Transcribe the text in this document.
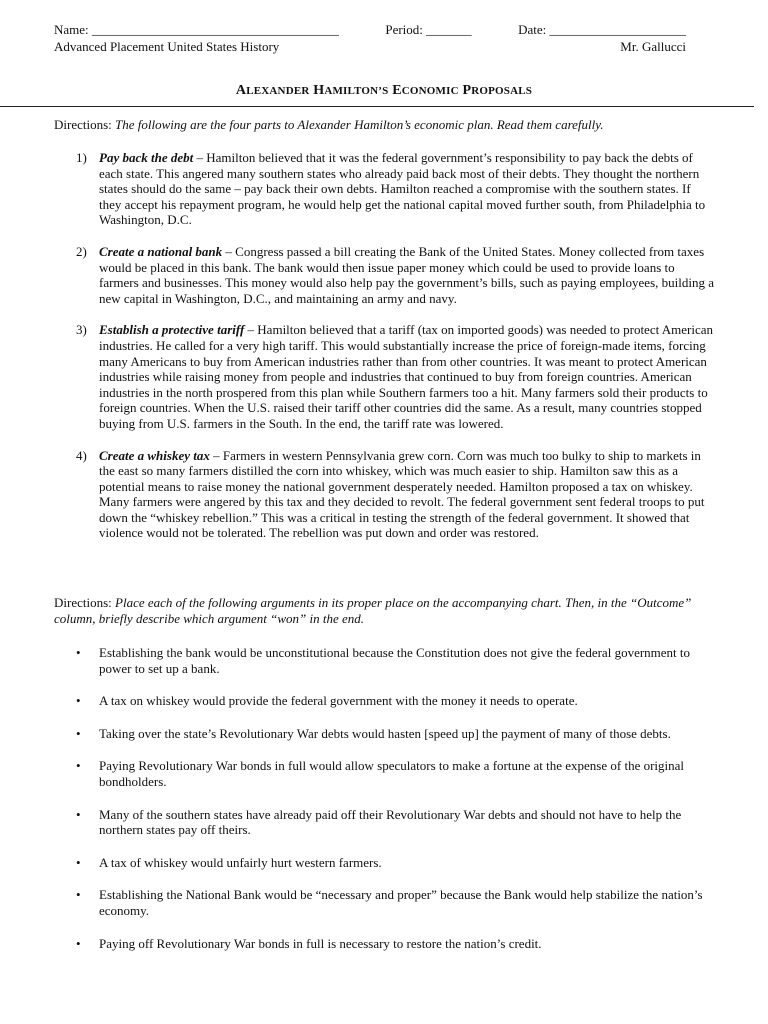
Name: ______________________________________	Period: _______	Date: _____________________
Advanced Placement United States History	Mr. Gallucci
ALEXANDER HAMILTON’S ECONOMIC PROPOSALS
Directions: The following are the four parts to Alexander Hamilton’s economic plan. Read them carefully.
1) Pay back the debt – Hamilton believed that it was the federal government’s responsibility to pay back the debts of each state. This angered many southern states who already paid back most of their debts. They thought the northern states should do the same – pay back their own debts. Hamilton reached a compromise with the southern states. If they accept his repayment program, he would help get the national capital moved further south, from Philadelphia to Washington, D.C.
2) Create a national bank – Congress passed a bill creating the Bank of the United States. Money collected from taxes would be placed in this bank. The bank would then issue paper money which could be used to provide loans to farmers and businesses. This money would also help pay the government’s bills, such as paying employees, building a new capital in Washington, D.C., and maintaining an army and navy.
3) Establish a protective tariff – Hamilton believed that a tariff (tax on imported goods) was needed to protect American industries. He called for a very high tariff. This would substantially increase the price of foreign-made items, forcing many Americans to buy from American industries rather than from other countries. It was meant to protect American industries while raising money from people and industries that continued to buy from foreign countries. American industries in the north prospered from this plan while Southern farmers too a hit. Many farmers sold their products to foreign countries. When the U.S. raised their tariff other countries did the same. As a result, many countries stopped buying from U.S. farmers in the South. In the end, the tariff rate was lowered.
4) Create a whiskey tax – Farmers in western Pennsylvania grew corn. Corn was much too bulky to ship to markets in the east so many farmers distilled the corn into whiskey, which was much easier to ship. Hamilton saw this as a potential means to raise money the national government desperately needed. Hamilton proposed a tax on whiskey. Many farmers were angered by this tax and they decided to revolt. The federal government sent federal troops to put down the “whiskey rebellion.” This was a critical in testing the strength of the federal government. It showed that violence would not be tolerated. The rebellion was put down and order was restored.
Directions: Place each of the following arguments in its proper place on the accompanying chart. Then, in the “Outcome” column, briefly describe which argument “won” in the end.
•	Establishing the bank would be unconstitutional because the Constitution does not give the federal government to power to set up a bank.
•	A tax on whiskey would provide the federal government with the money it needs to operate.
•	Taking over the state’s Revolutionary War debts would hasten [speed up] the payment of many of those debts.
•	Paying Revolutionary War bonds in full would allow speculators to make a fortune at the expense of the original bondholders.
•	Many of the southern states have already paid off their Revolutionary War debts and should not have to help the northern states pay off theirs.
•	A tax of whiskey would unfairly hurt western farmers.
•	Establishing the National Bank would be “necessary and proper” because the Bank would help stabilize the nation’s economy.
•	Paying off Revolutionary War bonds in full is necessary to restore the nation’s credit.
